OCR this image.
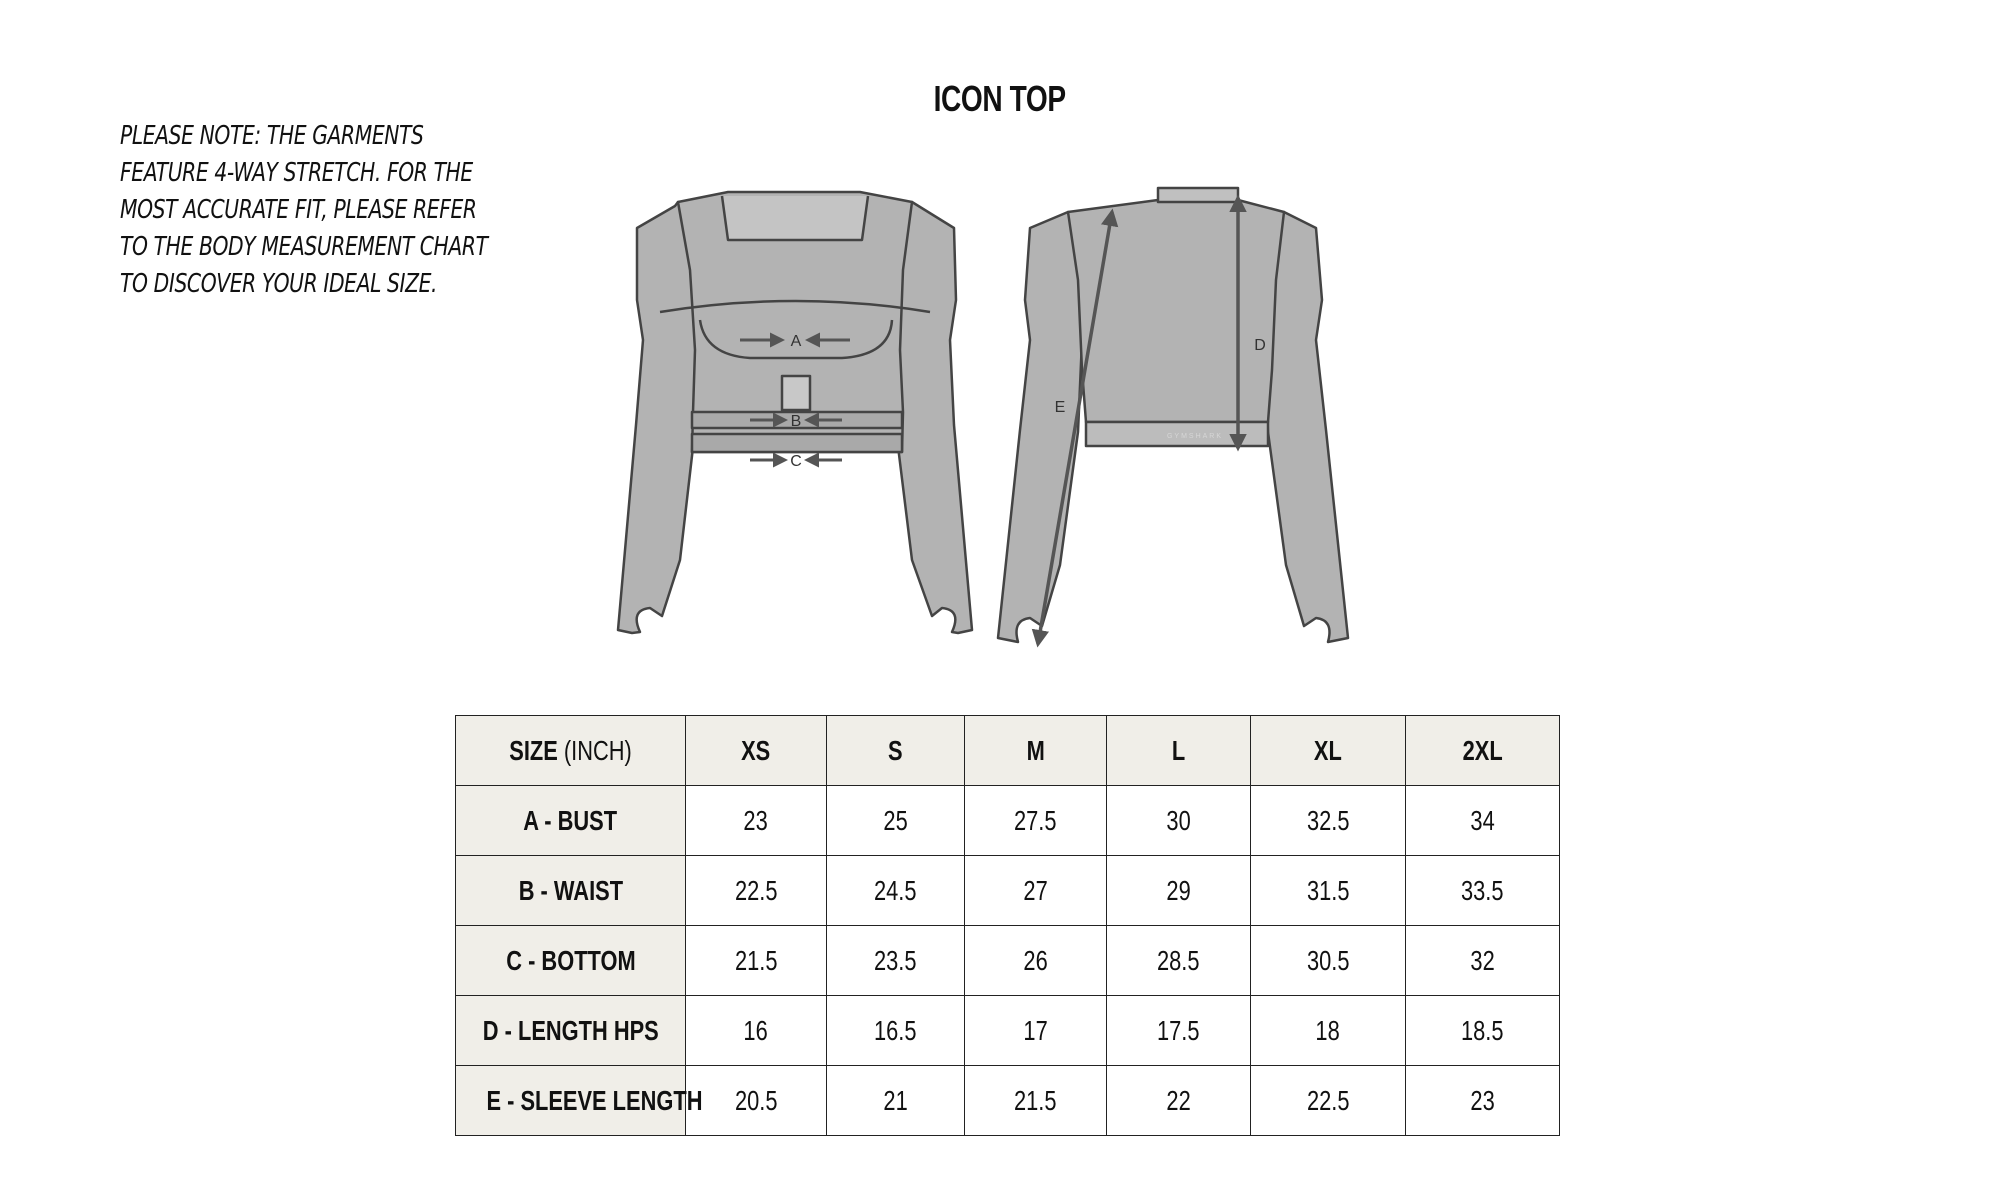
PLEASE NOTE: THE GARMENTS
FEATURE 4-WAY STRETCH. FOR THE
MOST ACCURATE FIT, PLEASE REFER
TO THE BODY MEASUREMENT CHART
TO DISCOVER YOUR IDEAL SIZE.
ICON TOP
A
B
C
D
E
GYMSHARK
SIZE (INCH)	XS	S	M	L	XL	2XL
A - BUST	23	25	27.5	30	32.5	34
B - WAIST	22.5	24.5	27	29	31.5	33.5
C - BOTTOM	21.5	23.5	26	28.5	30.5	32
D - LENGTH HPS	16	16.5	17	17.5	18	18.5
E - SLEEVE LENGTH	20.5	21	21.5	22	22.5	23
